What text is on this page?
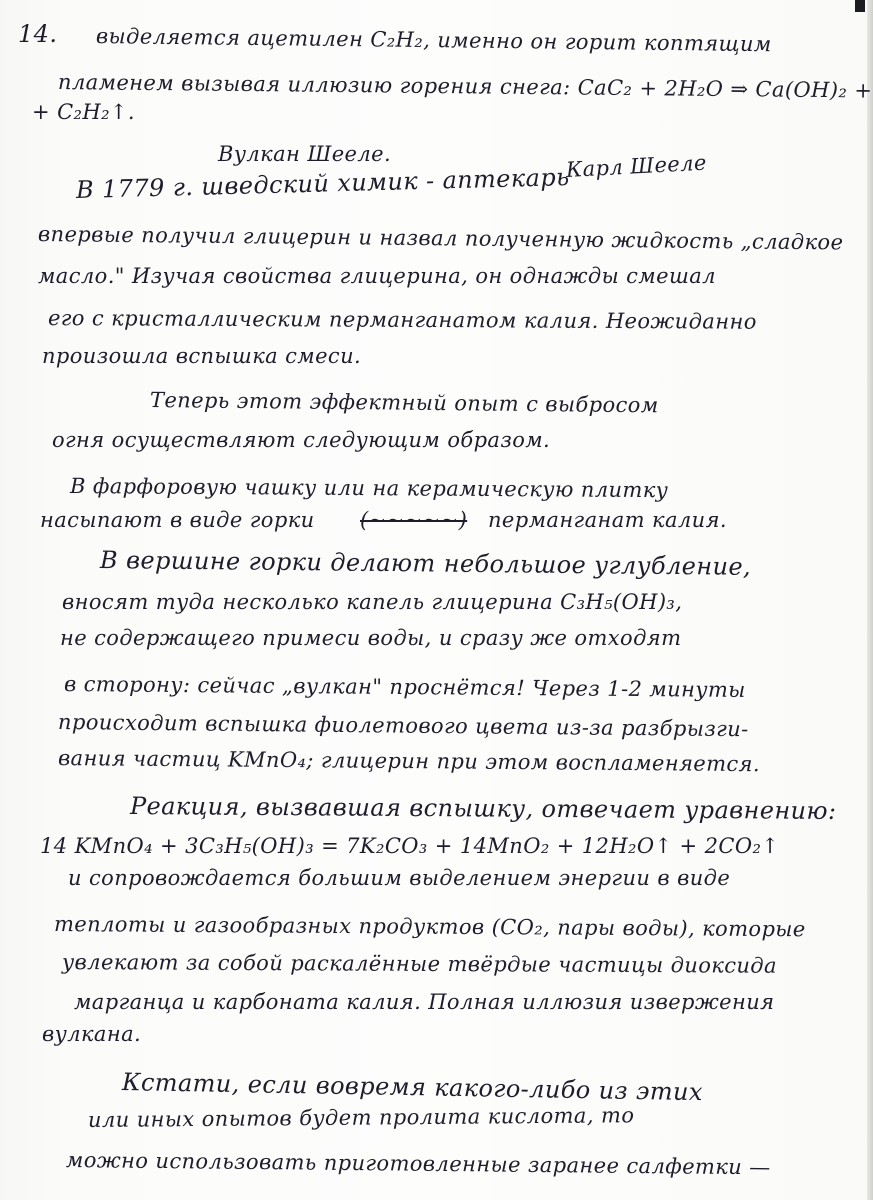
14. выделяется ацетилен C₂H₂, именно он горит коптящим
пламенем вызывая иллюзию горения снега: CaC₂ + 2H₂O ⇒ Ca(OH)₂ +
+ C₂H₂↑.
Вулкан Шееле.	Карл Шееле
В 1779 г. шведский химик - аптекарь
впервые получил глицерин и назвал полученную жидкость „сладкое
масло." Изучая свойства глицерина, он однажды смешал
его с кристаллическим перманганатом калия. Неожиданно
произошла вспышка смеси.
Теперь этот эффектный опыт с выбросом
огня осуществляют следующим образом.
В фарфоровую чашку или на керамическую плитку
насыпают в виде горки (~~~~~) перманганат калия.
В вершине горки делают небольшое углубление,
вносят туда несколько капель глицерина C₃H₅(OH)₃,
не содержащего примеси воды, и сразу же отходят
в сторону: сейчас „вулкан" проснётся! Через 1-2 минуты
происходит вспышка фиолетового цвета из-за разбрызги-
вания частиц KMnO₄; глицерин при этом воспламеняется.
Реакция, вызвавшая вспышку, отвечает уравнению:
14 KMnO₄ + 3C₃H₅(OH)₃ = 7K₂CO₃ + 14MnO₂ + 12H₂O↑ + 2CO₂↑
и сопровождается большим выделением энергии в виде
теплоты и газообразных продуктов (CO₂, пары воды), которые
увлекают за собой раскалённые твёрдые частицы диоксида
марганца и карбоната калия. Полная иллюзия извержения
вулкана.
Кстати, если вовремя какого-либо из этих
или иных опытов будет пролита кислота, то
можно использовать приготовленные заранее салфетки —
